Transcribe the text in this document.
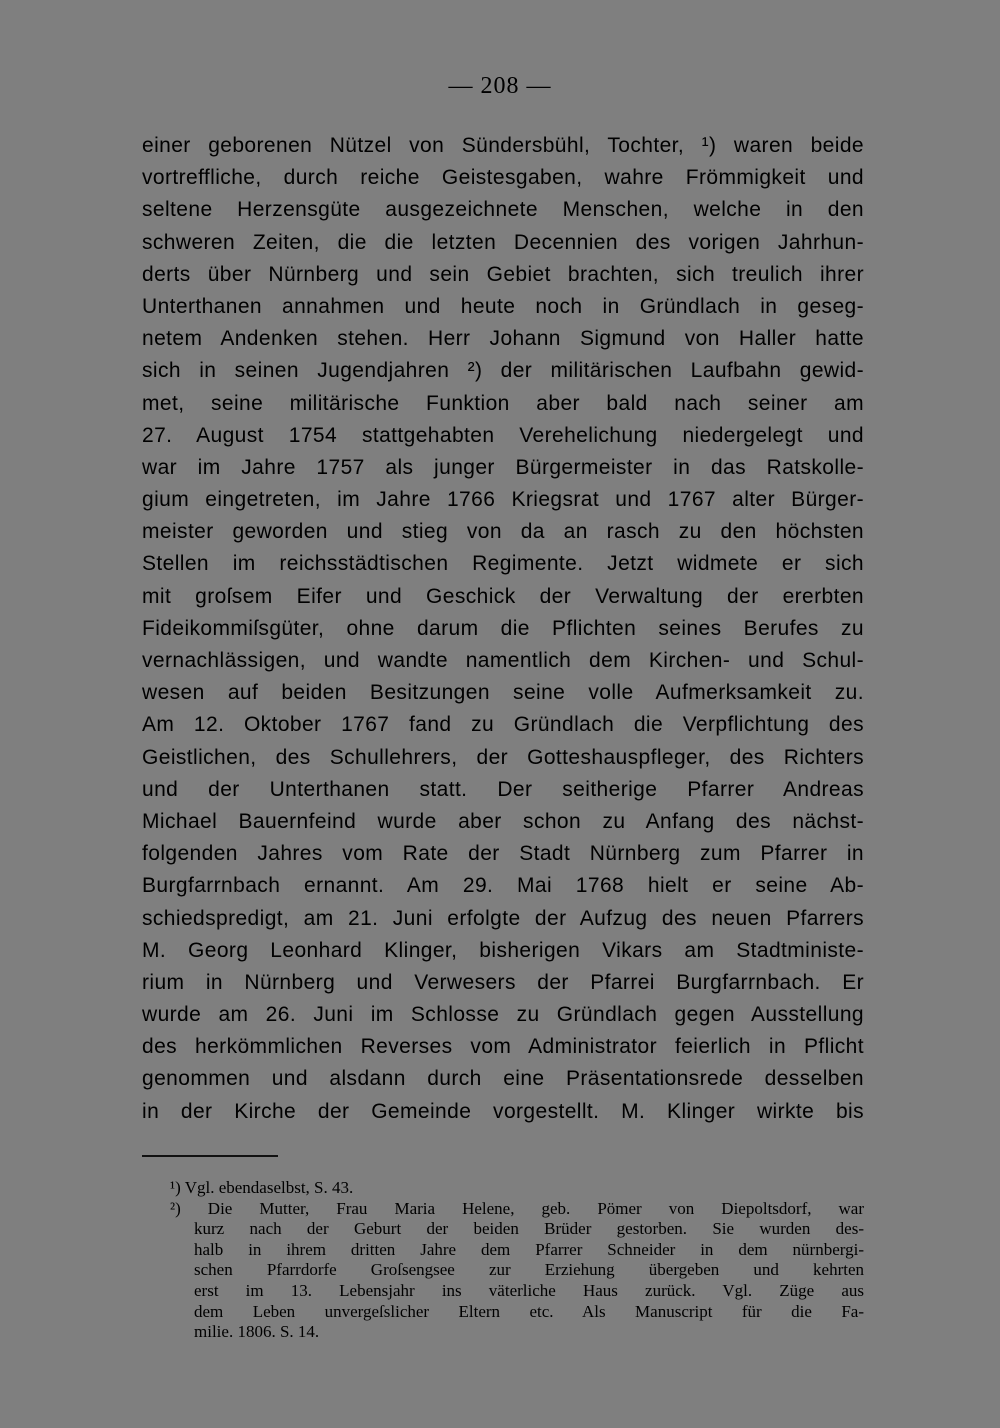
— 208 —
einer geborenen Nützel von Sündersbühl, Tochter, ¹) waren beide
vortreffliche, durch reiche Geistesgaben, wahre Frömmigkeit und
seltene Herzensgüte ausgezeichnete Menschen, welche in den
schweren Zeiten, die die letzten Decennien des vorigen Jahrhun-
derts über Nürnberg und sein Gebiet brachten, sich treulich ihrer
Unterthanen annahmen und heute noch in Gründlach in geseg-
netem Andenken stehen. Herr Johann Sigmund von Haller hatte
sich in seinen Jugendjahren ²) der militärischen Laufbahn gewid-
met, seine militärische Funktion aber bald nach seiner am
27. August 1754 stattgehabten Verehelichung niedergelegt und
war im Jahre 1757 als junger Bürgermeister in das Ratskolle-
gium eingetreten, im Jahre 1766 Kriegsrat und 1767 alter Bürger-
meister geworden und stieg von da an rasch zu den höchsten
Stellen im reichsstädtischen Regimente. Jetzt widmete er sich
mit groſsem Eifer und Geschick der Verwaltung der ererbten
Fideikommiſsgüter, ohne darum die Pflichten seines Berufes zu
vernachlässigen, und wandte namentlich dem Kirchen- und Schul-
wesen auf beiden Besitzungen seine volle Aufmerksamkeit zu.
Am 12. Oktober 1767 fand zu Gründlach die Verpflichtung des
Geistlichen, des Schullehrers, der Gotteshauspfleger, des Richters
und der Unterthanen statt. Der seitherige Pfarrer Andreas
Michael Bauernfeind wurde aber schon zu Anfang des nächst-
folgenden Jahres vom Rate der Stadt Nürnberg zum Pfarrer in
Burgfarrnbach ernannt. Am 29. Mai 1768 hielt er seine Ab-
schiedspredigt, am 21. Juni erfolgte der Aufzug des neuen Pfarrers
M. Georg Leonhard Klinger, bisherigen Vikars am Stadtministe-
rium in Nürnberg und Verwesers der Pfarrei Burgfarrnbach. Er
wurde am 26. Juni im Schlosse zu Gründlach gegen Ausstellung
des herkömmlichen Reverses vom Administrator feierlich in Pflicht
genommen und alsdann durch eine Präsentationsrede desselben
in der Kirche der Gemeinde vorgestellt. M. Klinger wirkte bis
¹) Vgl. ebendaselbst, S. 43.
²) Die Mutter, Frau Maria Helene, geb. Pömer von Diepoltsdorf, war
kurz nach der Geburt der beiden Brüder gestorben. Sie wurden des-
halb in ihrem dritten Jahre dem Pfarrer Schneider in dem nürnbergi-
schen Pfarrdorfe Groſsengsee zur Erziehung übergeben und kehrten
erst im 13. Lebensjahr ins väterliche Haus zurück. Vgl. Züge aus
dem Leben unvergeſslicher Eltern etc. Als Manuscript für die Fa-
milie. 1806. S. 14.
